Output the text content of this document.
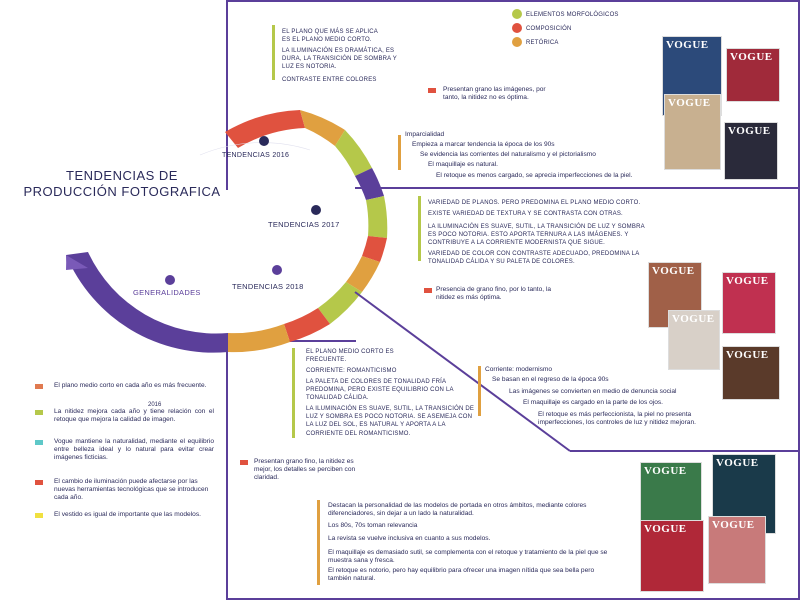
TENDENCIAS DE PRODUCCIÓN FOTOGRAFICA
TENDENCIAS 2016
TENDENCIAS 2017
TENDENCIAS 2018
GENERALIDADES
ELEMENTOS MORFOLÓGICOS
COMPOSICIÓN
RETÓRICA
EL PLANO QUE MÁS SE APLICA ES EL PLANO MEDIO CORTO.
LA ILUMINACIÓN ES DRAMÁTICA, ES DURA, LA TRANSICIÓN DE SOMBRA Y LUZ ES NOTORIA.
CONTRASTE ENTRE COLORES
Presentan grano las imágenes, por tanto, la nitidez no es óptima.
Imparcialidad
Empieza a marcar tendencia la época de los 90s
Se evidencia las corrientes del naturalismo y el pictorialismo
El maquillaje es natural.
El retoque es menos cargado, se aprecia imperfecciones de la piel.
VARIEDAD DE PLANOS. PERO PREDOMINA EL PLANO MEDIO CORTO.
EXISTE VARIEDAD DE TEXTURA Y SE CONTRASTA CON OTRAS.
LA ILUMINACIÓN ES SUAVE, SUTIL, LA TRANSICIÓN DE LUZ Y SOMBRA ES POCO NOTORIA. ESTO APORTA TERNURA A LAS IMÁGENES. Y CONTRIBUYE A LA CORRIENTE MODERNISTA QUE SIGUE.
VARIEDAD DE COLOR CON CONTRASTE ADECUADO, PREDOMINA LA TONALIDAD CÁLIDA Y SU PALETA DE COLORES.
Presencia de grano fino, por lo tanto, la nitidez es más óptima.
EL PLANO MEDIO CORTO ES FRECUENTE.
CORRIENTE: ROMANTICISMO
LA PALETA DE COLORES DE TONALIDAD FRÍA PREDOMINA, PERO EXISTE EQUILIBRIO CON LA TONALIDAD CÁLIDA.
LA ILUMINACIÓN ES SUAVE, SUTIL, LA TRANSICIÓN DE LUZ Y SOMBRA ES POCO NOTORIA. SE ASEMEJA CON LA LUZ DEL SOL, ES NATURAL Y APORTA A LA CORRIENTE DEL ROMANTICISMO.
Presentan grano fino, la nitidez es mejor, los detalles se perciben con claridad.
Corriente: modernismo
Se basan en el regreso de la época 90s
Las imágenes se convierten en medio de denuncia social
El maquillaje es cargado en la parte de los ojos.
El retoque es más perfeccionista, la piel no presenta imperfecciones, los controles de luz y nitidez mejoran.
El plano medio corto en cada año es más frecuente.
2016
La nitidez mejora cada año y tiene relación con el retoque que mejora la calidad de imagen.
Vogue mantiene la naturalidad, mediante el equilibrio entre belleza ideal y lo natural para evitar crear imágenes ficticias.
El cambio de iluminación puede afectarse por las nuevas herramientas tecnológicas que se introducen cada año.
El vestido es igual de importante que las modelos.
Destacan la personalidad de las modelos de portada en otros ámbitos, mediante colores diferenciadores, sin dejar a un lado la naturalidad.
Los 80s, 70s toman relevancia
La revista se vuelve inclusiva en cuanto a sus modelos.
El maquillaje es demasiado sutil, se complementa con el retoque y tratamiento de la piel que se muestra sana y fresca.
El retoque es notorio, pero hay equilibrio para ofrecer una imagen nítida que sea bella pero también natural.
VOGUE
VOGUE
VOGUE
VOGUE
VOGUE
VOGUE
VOGUE
VOGUE
VOGUE
VOGUE
VOGUE VOGUE
